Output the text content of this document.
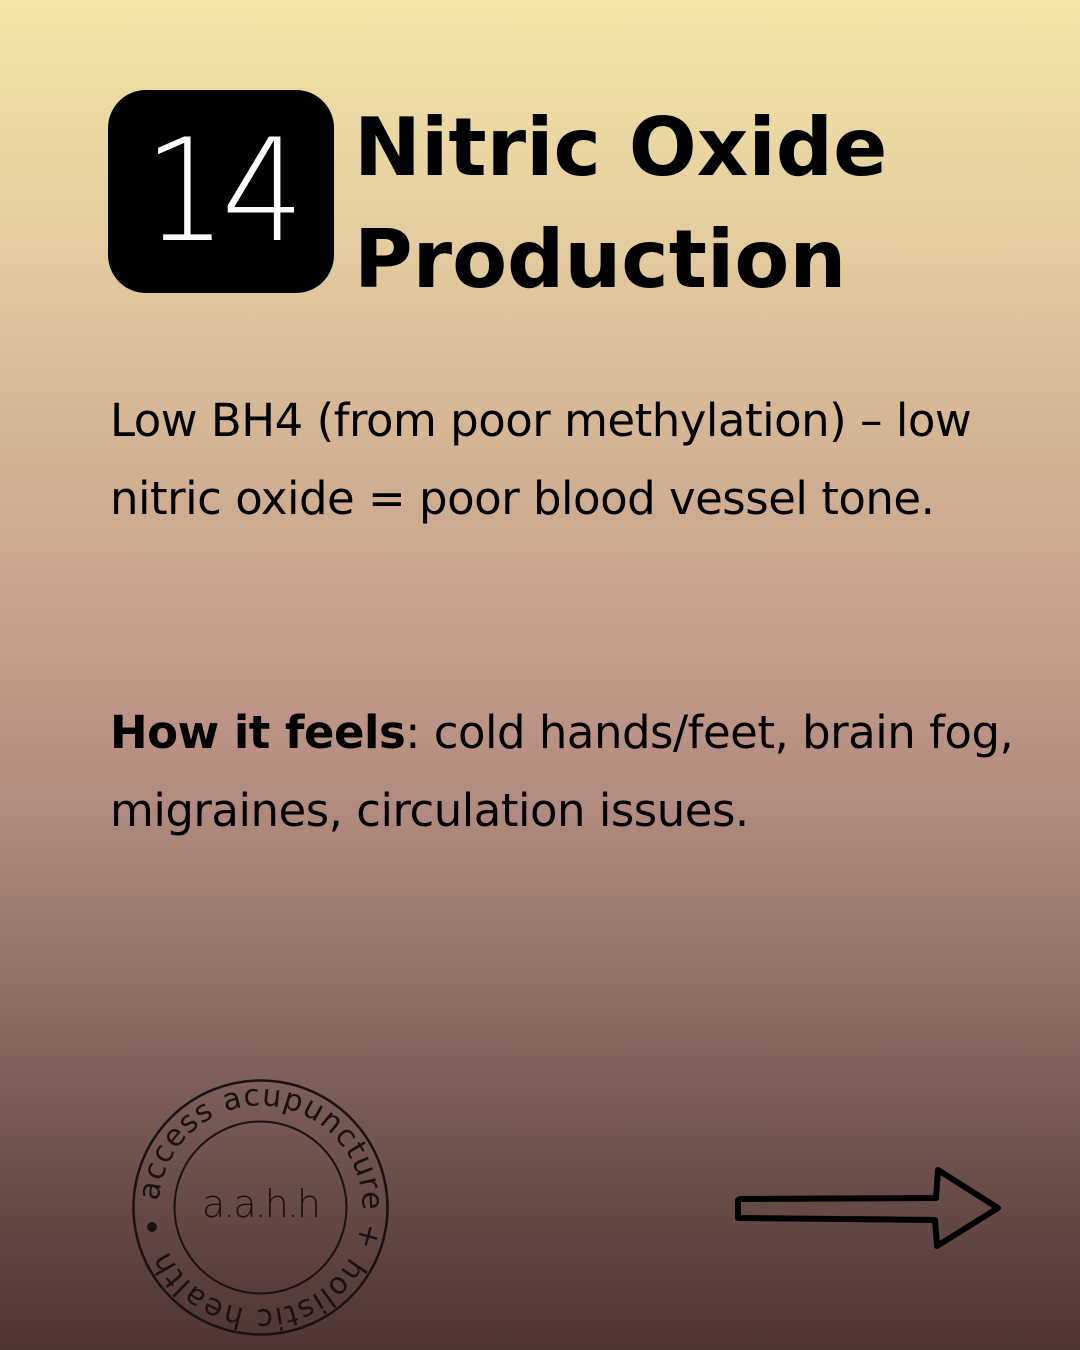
14 Nitric Oxide
Production

Low BH4 (from poor methylation) – low nitric oxide = poor blood vessel tone.

How it feels: cold hands/feet, brain fog, migraines, circulation issues.

access acupuncture + holistic health
a.a.h.h
